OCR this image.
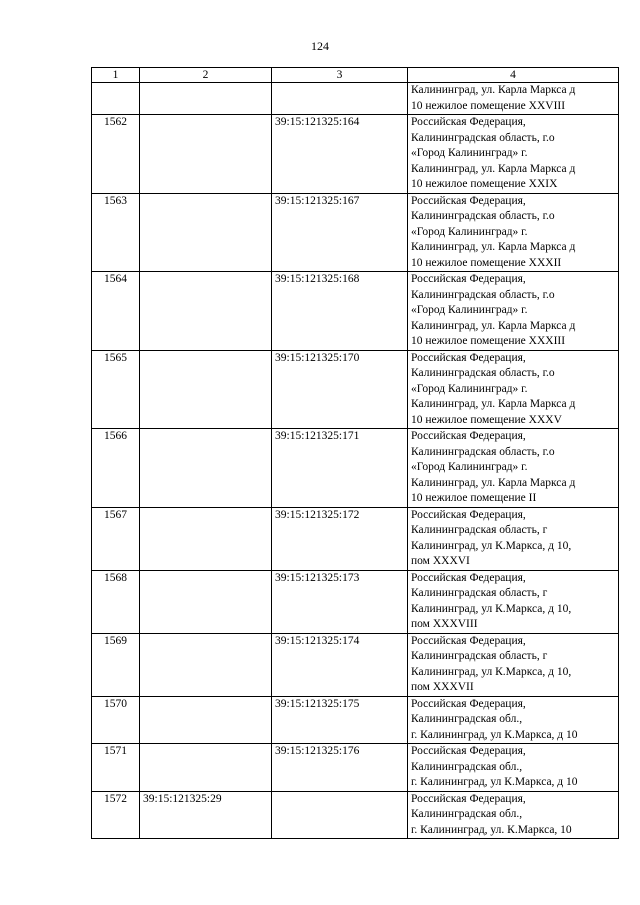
124
1	2	3	4

			Калининград, ул. Карла Маркса д
10 нежилое помещение XXVIII

1562		39:15:121325:164	Российская Федерация,
Калининградская область, г.о
«Город Калининград» г.
Калининград, ул. Карла Маркса д
10 нежилое помещение XXIX

1563		39:15:121325:167	Российская Федерация,
Калининградская область, г.о
«Город Калининград» г.
Калининград, ул. Карла Маркса д
10 нежилое помещение XXXII

1564		39:15:121325:168	Российская Федерация,
Калининградская область, г.о
«Город Калининград» г.
Калининград, ул. Карла Маркса д
10 нежилое помещение XXXIII

1565		39:15:121325:170	Российская Федерация,
Калининградская область, г.о
«Город Калининград» г.
Калининград, ул. Карла Маркса д
10 нежилое помещение XXXV

1566		39:15:121325:171	Российская Федерация,
Калининградская область, г.о
«Город Калининград» г.
Калининград, ул. Карла Маркса д
10 нежилое помещение II

1567		39:15:121325:172	Российская Федерация,
Калининградская область, г
Калининград, ул К.Маркса, д 10,
пом XXXVI

1568		39:15:121325:173	Российская Федерация,
Калининградская область, г
Калининград, ул К.Маркса, д 10,
пом XXXVIII

1569		39:15:121325:174	Российская Федерация,
Калининградская область, г
Калининград, ул К.Маркса, д 10,
пом XXXVII

1570		39:15:121325:175	Российская Федерация,
Калининградская обл.,
г. Калининград, ул К.Маркса, д 10

1571		39:15:121325:176	Российская Федерация,
Калининградская обл.,
г. Калининград, ул К.Маркса, д 10

1572	39:15:121325:29		Российская Федерация,
Калининградская обл.,
г. Калининград, ул. К.Маркса, 10
